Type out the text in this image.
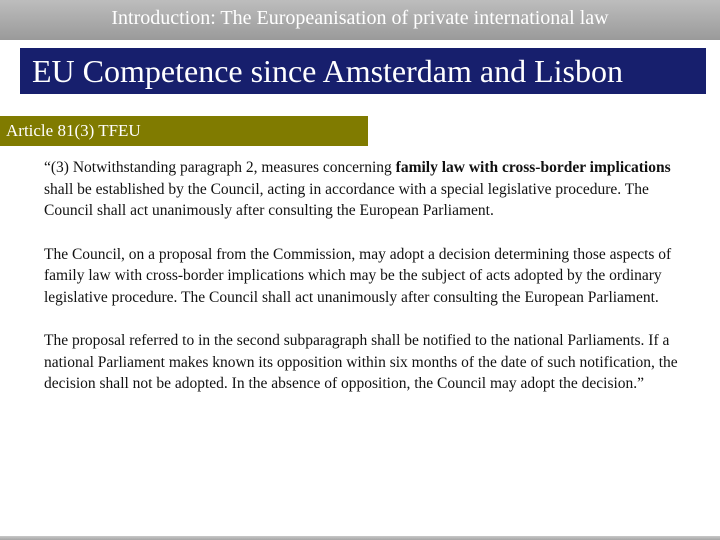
Introduction: The Europeanisation of private international law
EU Competence since Amsterdam and Lisbon
Article 81(3) TFEU

“(3) Notwithstanding paragraph 2, measures concerning family law with cross-border implications shall be established by the Council, acting in accordance with a special legislative procedure. The Council shall act unanimously after consulting the European Parliament.

The Council, on a proposal from the Commission, may adopt a decision determining those aspects of family law with cross-border implications which may be the subject of acts adopted by the ordinary legislative procedure. The Council shall act unanimously after consulting the European Parliament.

The proposal referred to in the second subparagraph shall be notified to the national Parliaments. If a national Parliament makes known its opposition within six months of the date of such notification, the decision shall not be adopted. In the absence of opposition, the Council may adopt the decision.”
